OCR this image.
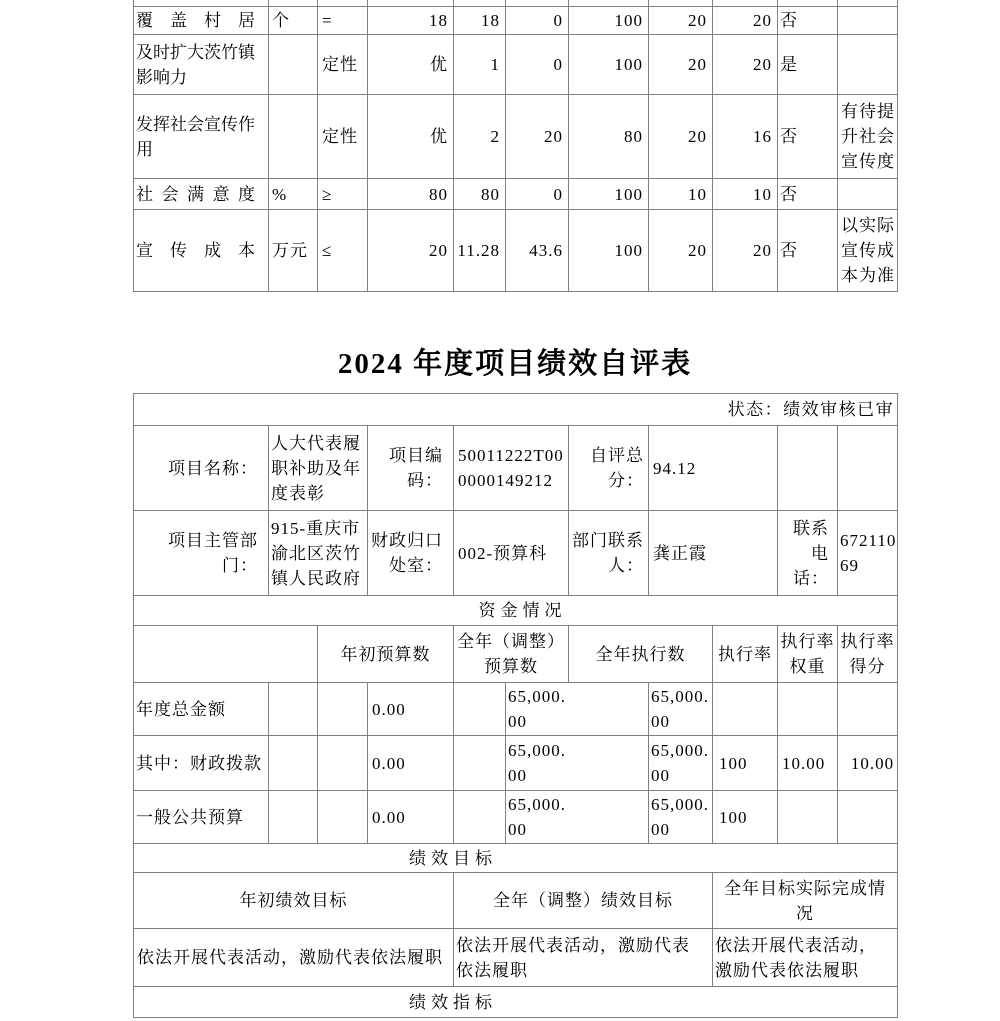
覆盖村居	个	=	18	18	0	100	20	20	否	
及时扩大茨竹镇影响力		定性	优	1	0	100	20	20	是	
发挥社会宣传作用		定性	优	2	20	80	20	16	否	有待提升社会宣传度
社会满意度	%	≥	80	80	0	100	10	10	否	
宣传成本	万元	≤	20	11.28	43.6	100	20	20	否	以实际宣传成本为准
2024 年度项目绩效自评表
状态：绩效审核已审										
项目名称：	人大代表履职补助及年度表彰		项目编码：	50011222T000000149212		自评总分：	94.12			
项目主管部门：	915-重庆市渝北区茨竹镇人民政府		财政归口处室：	002-预算科		部门联系人：	龚正霞		联系电话：	67211069
资金情况										
		年初预算数		全年（调整）预算数		全年执行数		执行率	执行率权重	执行率得分
年度总金额			0.00		65,000.00		65,000.00			
其中：财政拨款			0.00		65,000.00		65,000.00	100	10.00	10.00
一般公共预算			0.00		65,000.00		65,000.00	100		
绩效目标										
年初绩效目标				全年（调整）绩效目标				全年目标实际完成情况		
依法开展代表活动，激励代表依法履职				依法开展代表活动，激励代表依法履职				依法开展代表活动，激励代表依法履职		
绩效指标										
